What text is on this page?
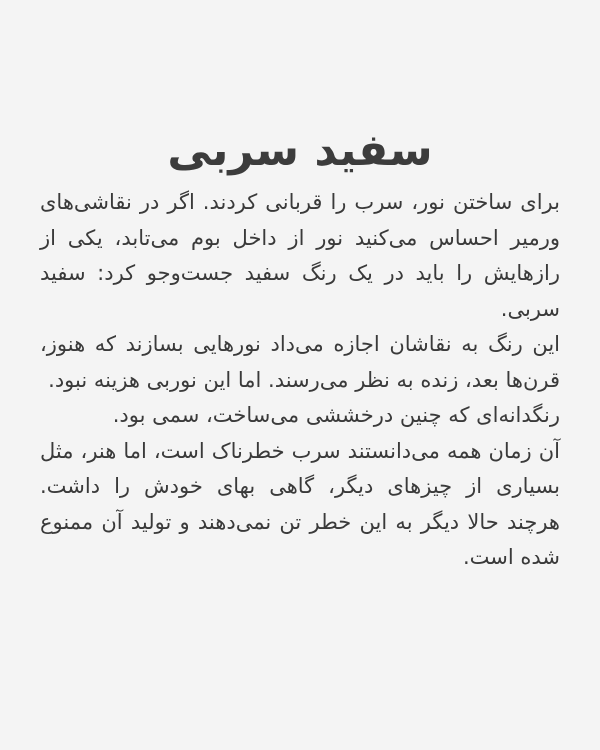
سفید سربی

برای ساختن نور، سرب را قربانی کردند. اگر در نقاشی‌های ورمیر احساس می‌کنید نور از داخل بوم می‌تابد، یکی از رازهایش را باید در یک رنگ سفید جست‌وجو کرد: سفید سربی.

این رنگ به نقاشان اجازه می‌داد نورهایی بسازند که هنوز، قرن‌ها بعد، زنده به نظر می‌رسند. اما این نوربی هزینه نبود.

رنگدانه‌ای که چنین درخششی می‌ساخت، سمی بود.

آن زمان همه می‌دانستند سرب خطرناک است، اما هنر، مثل بسیاری از چیزهای دیگر، گاهی بهای خودش را داشت. هرچند حالا دیگر به این خطر تن نمی‌دهند و تولید آن ممنوع شده است.
